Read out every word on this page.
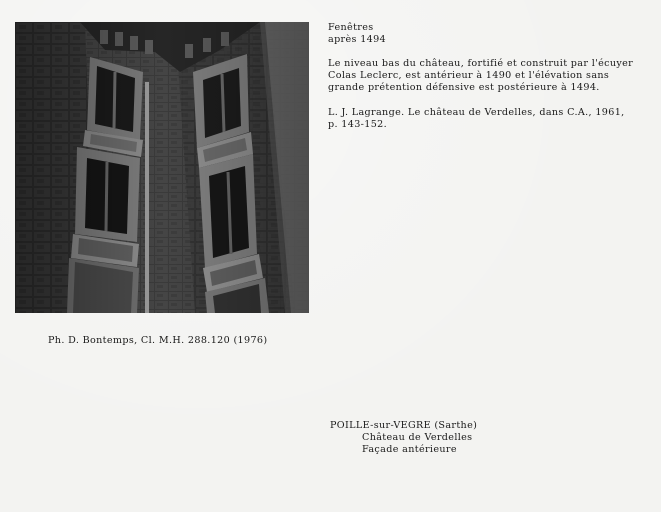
Fenêtres
après 1494
Le niveau bas du château, fortifié et construit par l'écuyer
Colas Leclerc, est antérieur à 1490 et l'élévation sans
grande prétention défensive est postérieure à 1494.
L. J. Lagrange. Le château de Verdelles, dans C.A., 1961,
p. 143-152.
Ph. D. Bontemps, Cl. M.H. 288.120 (1976)
POILLE-sur-VEGRE (Sarthe)
Château de Verdelles
Façade antérieure
